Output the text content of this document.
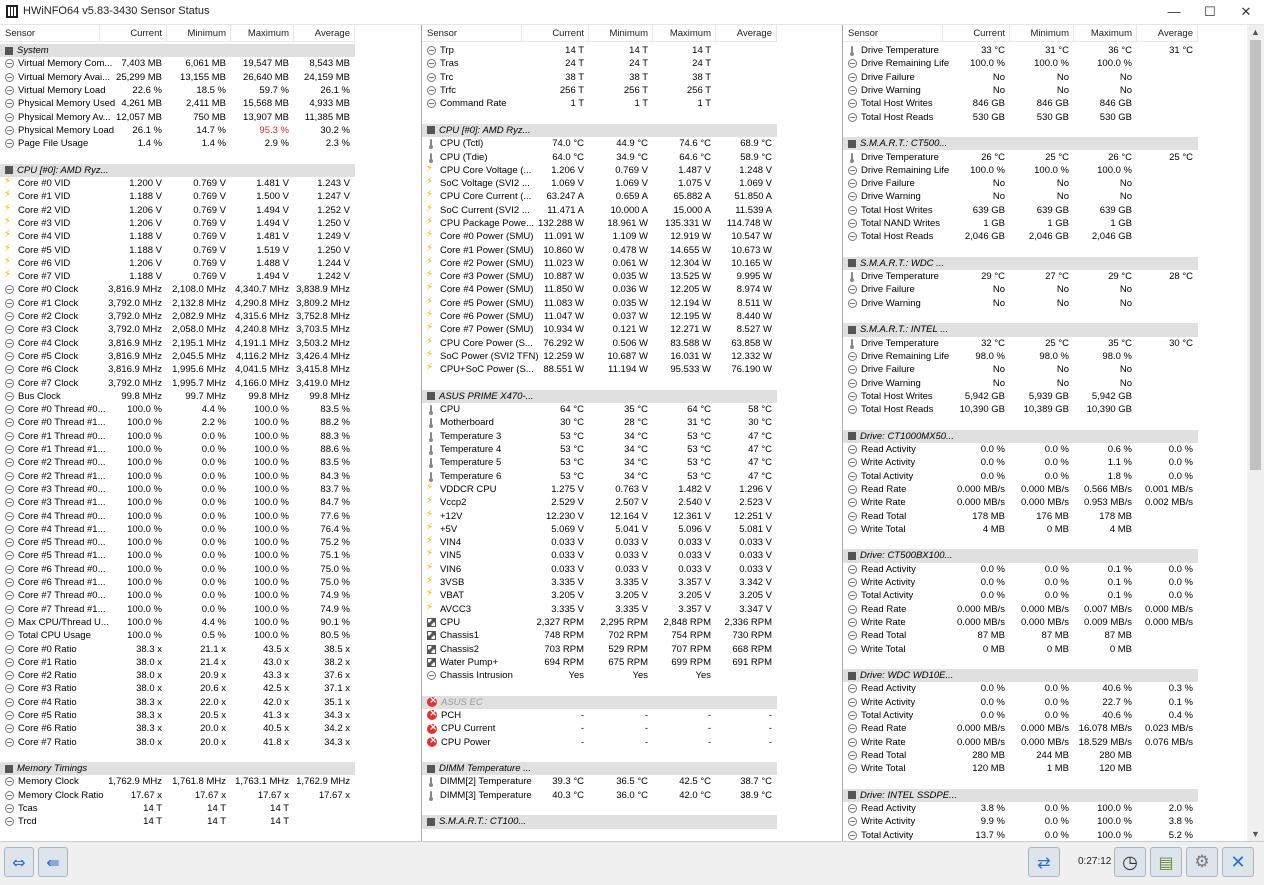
HWiNFO64 v5.83-3430 Sensor Status	—	☐	✕
Sensor	Current	Minimum	Maximum	Average
System
Virtual Memory Com... 7,403 MB	6,061 MB	19,547 MB	8,543 MB
Virtual Memory Avai... 25,299 MB	13,155 MB	26,640 MB	24,159 MB
Virtual Memory Load	22.6 %	18.5 %	59.7 %	26.1 %
Physical Memory Used 4,261 MB	2,411 MB	15,568 MB	4,933 MB
Physical Memory Av... 12,057 MB	750 MB	13,907 MB	11,385 MB
Physical Memory Load	26.1 %	14.7 %	95.3 %	30.2 %
Page File Usage	1.4 %	1.4 %	2.9 %	2.3 %
CPU [#0]: AMD Ryz...
⚡
Core #0 VID	1.200 V	0.769 V	1.481 V	1.243 V
⚡
Core #1 VID	1.188 V	0.769 V	1.500 V	1.247 V
⚡
Core #2 VID	1.206 V	0.769 V	1.494 V	1.252 V
⚡
Core #3 VID	1.206 V	0.769 V	1.494 V	1.250 V
⚡
Core #4 VID	1.188 V	0.769 V	1.481 V	1.249 V
⚡
Core #5 VID	1.188 V	0.769 V	1.519 V	1.250 V
⚡
Core #6 VID	1.206 V	0.769 V	1.488 V	1.244 V
⚡
Core #7 VID	1.188 V	0.769 V	1.494 V	1.242 V
Core #0 Clock	3,816.9 MHz	2,108.0 MHz 4,340.7 MHz 3,838.9 MHz
Core #1 Clock	3,792.0 MHz	2,132.8 MHz 4,290.8 MHz 3,809.2 MHz
Core #2 Clock	3,792.0 MHz	2,082.9 MHz 4,315.6 MHz 3,752.8 MHz
Core #3 Clock	3,792.0 MHz	2,058.0 MHz 4,240.8 MHz 3,703.5 MHz
Core #4 Clock	3,816.9 MHz	2,195.1 MHz 4,191.1 MHz 3,503.2 MHz
Core #5 Clock	3,816.9 MHz	2,045.5 MHz	4,116.2 MHz 3,426.4 MHz
Core #6 Clock	3,816.9 MHz	1,995.6 MHz 4,041.5 MHz 3,415.8 MHz
Core #7 Clock	3,792.0 MHz	1,995.7 MHz 4,166.0 MHz 3,419.0 MHz
Bus Clock	99.8 MHz	99.7 MHz	99.8 MHz	99.8 MHz
Core #0 Thread #0...	100.0 %	4.4 %	100.0 %	83.5 %
Core #0 Thread #1...	100.0 %	2.2 %	100.0 %	88.2 %
Core #1 Thread #0...	100.0 %	0.0 %	100.0 %	88.3 %
Core #1 Thread #1...	100.0 %	0.0 %	100.0 %	88.6 %
Core #2 Thread #0...	100.0 %	0.0 %	100.0 %	83.5 %
Core #2 Thread #1...	100.0 %	0.0 %	100.0 %	84.3 %
Core #3 Thread #0...	100.0 %	0.0 %	100.0 %	83.7 %
Core #3 Thread #1...	100.0 %	0.0 %	100.0 %	84.7 %
Core #4 Thread #0...	100.0 %	0.0 %	100.0 %	77.6 %
Core #4 Thread #1...	100.0 %	0.0 %	100.0 %	76.4 %
Core #5 Thread #0...	100.0 %	0.0 %	100.0 %	75.2 %
Core #5 Thread #1...	100.0 %	0.0 %	100.0 %	75.1 %
Core #6 Thread #0...	100.0 %	0.0 %	100.0 %	75.0 %
Core #6 Thread #1...	100.0 %	0.0 %	100.0 %	75.0 %
Core #7 Thread #0...	100.0 %	0.0 %	100.0 %	74.9 %
Core #7 Thread #1...	100.0 %	0.0 %	100.0 %	74.9 %
Max CPU/Thread U...	100.0 %	4.4 %	100.0 %	90.1 %
Total CPU Usage	100.0 %	0.5 %	100.0 %	80.5 %
Core #0 Ratio	38.3 x	21.1 x	43.5 x	38.5 x
Core #1 Ratio	38.0 x	21.4 x	43.0 x	38.2 x
Core #2 Ratio	38.0 x	20.9 x	43.3 x	37.6 x
Core #3 Ratio	38.0 x	20.6 x	42.5 x	37.1 x
Core #4 Ratio	38.3 x	22.0 x	42.0 x	35.1 x
Core #5 Ratio	38.3 x	20.5 x	41.3 x	34.3 x
Core #6 Ratio	38.3 x	20.0 x	40.5 x	34.2 x
Core #7 Ratio	38.0 x	20.0 x	41.8 x	34.3 x
Memory Timings
Memory Clock	1,762.9 MHz	1,761.8 MHz 1,763.1 MHz 1,762.9 MHz
Memory Clock Ratio	17.67 x	17.67 x	17.67 x	17.67 x
Tcas	14 T	14 T	14 T
Trcd	14 T	14 T	14 T
Sensor	Current	Minimum	Maximum	Average
Trp	14 T	14 T	14 T
Tras	24 T	24 T	24 T
Trc	38 T	38 T	38 T
Trfc	256 T	256 T	256 T
Command Rate	1 T	1 T	1 T
CPU [#0]: AMD Ryz...
CPU (Tctl)	74.0 °C	44.9 °C	74.6 °C	68.9 °C
CPU (Tdie)	64.0 °C	34.9 °C	64.6 °C	58.9 °C
⚡
CPU Core Voltage (...	1.206 V	0.769 V	1.487 V	1.248 V
⚡
SoC Voltage (SVI2 ...	1.069 V	1.069 V	1.075 V	1.069 V
⚡
CPU Core Current (...	63.247 A	0.659 A	65.882 A	51.850 A
⚡
SoC Current (SVI2 ...	11.471 A	10.000 A	15.000 A	11.539 A
⚡
CPU Package Powe... 132.288 W	18.961 W	135.331 W	114.748 W
⚡
Core #0 Power (SMU)	11.091 W	1.109 W	12.919 W	10.547 W
⚡
Core #1 Power (SMU)	10.860 W	0.478 W	14.655 W	10.673 W
⚡
Core #2 Power (SMU)	11.023 W	0.061 W	12.304 W	10.165 W
⚡
Core #3 Power (SMU)	10.887 W	0.035 W	13.525 W	9.995 W
⚡
Core #4 Power (SMU)	11.850 W	0.036 W	12.205 W	8.974 W
⚡
Core #5 Power (SMU)	11.083 W	0.035 W	12.194 W	8.511 W
⚡
Core #6 Power (SMU)	11.047 W	0.037 W	12.195 W	8.440 W
⚡
Core #7 Power (SMU)	10.934 W	0.121 W	12.271 W	8.527 W
⚡
CPU Core Power (S...	76.292 W	0.506 W	83.588 W	63.858 W
⚡
SoC Power (SVI2 TFN) 12.259 W	10.687 W	16.031 W	12.332 W
⚡
CPU+SoC Power (S...	88.551 W	11.194 W	95.533 W	76.190 W
ASUS PRIME X470-...
CPU	64 °C	35 °C	64 °C	58 °C
Motherboard	30 °C	28 °C	31 °C	30 °C
Temperature 3	53 °C	34 °C	53 °C	47 °C
Temperature 4	53 °C	34 °C	53 °C	47 °C
Temperature 5	53 °C	34 °C	53 °C	47 °C
Temperature 6	53 °C	34 °C	53 °C	47 °C
⚡
VDDCR CPU	1.275 V	0.763 V	1.482 V	1.296 V
⚡
Vccp2	2.529 V	2.507 V	2.540 V	2.523 V
⚡
+12V	12.230 V	12.164 V	12.361 V	12.251 V
⚡
+5V	5.069 V	5.041 V	5.096 V	5.081 V
⚡
VIN4	0.033 V	0.033 V	0.033 V	0.033 V
⚡
VIN5	0.033 V	0.033 V	0.033 V	0.033 V
⚡
VIN6	0.033 V	0.033 V	0.033 V	0.033 V
⚡
3VSB	3.335 V	3.335 V	3.357 V	3.342 V
⚡
VBAT	3.205 V	3.205 V	3.205 V	3.205 V
⚡
AVCC3	3.335 V	3.335 V	3.357 V	3.347 V
CPU	2,327 RPM	2,295 RPM	2,848 RPM	2,336 RPM
Chassis1	748 RPM	702 RPM	754 RPM	730 RPM
Chassis2	703 RPM	529 RPM	707 RPM	668 RPM
Water Pump+	694 RPM	675 RPM	699 RPM	691 RPM
Chassis Intrusion	Yes	Yes	Yes
×
ASUS EC
×
PCH	-	-	-	-
×
CPU Current	-	-	-	-
×
CPU Power	-	-	-	-
DIMM Temperature ...
DIMM[2] Temperature	39.3 °C	36.5 °C	42.5 °C	38.7 °C
DIMM[3] Temperature	40.3 °C	36.0 °C	42.0 °C	38.9 °C
S.M.A.R.T.: CT100...
▲
▼
Sensor	Current	Minimum	Maximum	Average
Drive Temperature	33 °C	31 °C	36 °C	31 °C
Drive Remaining Life	100.0 %	100.0 %	100.0 %
Drive Failure	No	No	No
Drive Warning	No	No	No
Total Host Writes	846 GB	846 GB	846 GB
Total Host Reads	530 GB	530 GB	530 GB
S.M.A.R.T.: CT500...
Drive Temperature	26 °C	25 °C	26 °C	25 °C
Drive Remaining Life	100.0 %	100.0 %	100.0 %
Drive Failure	No	No	No
Drive Warning	No	No	No
Total Host Writes	639 GB	639 GB	639 GB
Total NAND Writes	1 GB	1 GB	1 GB
Total Host Reads	2,046 GB	2,046 GB	2,046 GB
S.M.A.R.T.: WDC ...
Drive Temperature	29 °C	27 °C	29 °C	28 °C
Drive Failure	No	No	No
Drive Warning	No	No	No
S.M.A.R.T.: INTEL ...
Drive Temperature	32 °C	25 °C	35 °C	30 °C
Drive Remaining Life	98.0 %	98.0 %	98.0 %
Drive Failure	No	No	No
Drive Warning	No	No	No
Total Host Writes	5,942 GB	5,939 GB	5,942 GB
Total Host Reads	10,390 GB	10,389 GB	10,390 GB
Drive: CT1000MX50...
Read Activity	0.0 %	0.0 %	0.6 %	0.0 %
Write Activity	0.0 %	0.0 %	1.1 %	0.0 %
Total Activity	0.0 %	0.0 %	1.8 %	0.0 %
Read Rate	0.000 MB/s	0.000 MB/s	0.566 MB/s	0.001 MB/s
Write Rate	0.000 MB/s	0.000 MB/s	0.953 MB/s	0.002 MB/s
Read Total	178 MB	176 MB	178 MB
Write Total	4 MB	0 MB	4 MB
Drive: CT500BX100...
Read Activity	0.0 %	0.0 %	0.1 %	0.0 %
Write Activity	0.0 %	0.0 %	0.1 %	0.0 %
Total Activity	0.0 %	0.0 %	0.1 %	0.0 %
Read Rate	0.000 MB/s	0.000 MB/s	0.007 MB/s	0.000 MB/s
Write Rate	0.000 MB/s	0.000 MB/s	0.009 MB/s	0.000 MB/s
Read Total	87 MB	87 MB	87 MB
Write Total	0 MB	0 MB	0 MB
Drive: WDC WD10E...
Read Activity	0.0 %	0.0 %	40.6 %	0.3 %
Write Activity	0.0 %	0.0 %	22.7 %	0.1 %
Total Activity	0.0 %	0.0 %	40.6 %	0.4 %
Read Rate	0.000 MB/s	0.000 MB/s	16.078 MB/s	0.023 MB/s
Write Rate	0.000 MB/s	0.000 MB/s	18.529 MB/s	0.076 MB/s
Read Total	280 MB	244 MB	280 MB
Write Total	120 MB	1 MB	120 MB
Drive: INTEL SSDPE...
Read Activity	3.8 %	0.0 %	100.0 %	2.0 %
Write Activity	9.9 %	0.0 %	100.0 %	3.8 %
Total Activity	13.7 %	0.0 %	100.0 %	5.2 %
⇔ ⇚	⇄	0:27:12 ◷ ▤ ⚙ ✕
